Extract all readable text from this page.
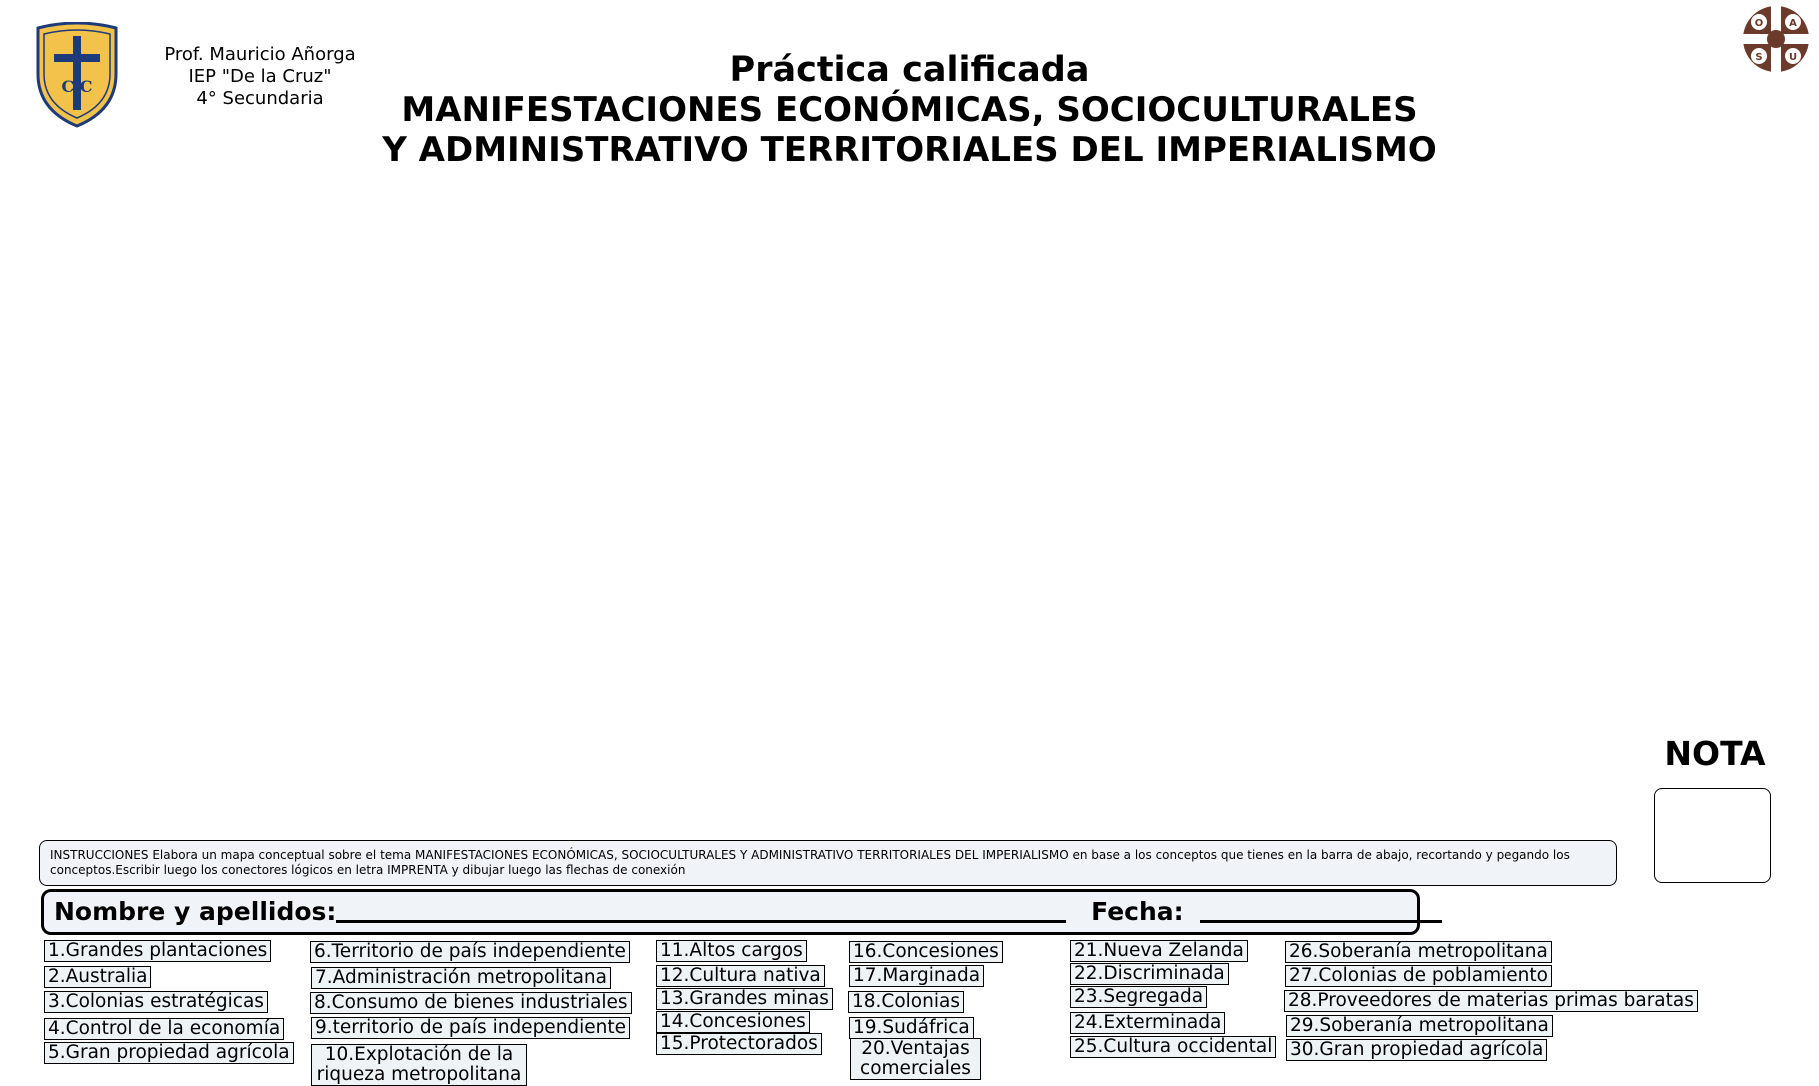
C C
Prof. Mauricio Añorga
IEP "De la Cruz"
4° Secundaria
Práctica calificada
MANIFESTACIONES ECONÓMICAS, SOCIOCULTURALES
Y ADMINISTRATIVO TERRITORIALES DEL IMPERIALISMO
O	A
S	U
NOTA
INSTRUCCIONES Elabora un mapa conceptual sobre el tema MANIFESTACIONES ECONÓMICAS, SOCIOCULTURALES Y ADMINISTRATIVO TERRITORIALES DEL IMPERIALISMO en base a los conceptos que tienes en la barra de abajo, recortando y pegando los conceptos.Escribir luego los conectores lógicos en letra IMPRENTA y dibujar luego las flechas de conexión
Nombre y apellidos:	Fecha:
1.Grandes plantaciones
2.Australia
3.Colonias estratégicas
4.Control de la economía
5.Gran propiedad agrícola
6.Territorio de país independiente
7.Administración metropolitana
8.Consumo de bienes industriales
9.territorio de país independiente
10.Explotación de la riqueza metropolitana
11.Altos cargos
12.Cultura nativa
13.Grandes minas
14.Concesiones
15.Protectorados
16.Concesiones
17.Marginada
18.Colonias
19.Sudáfrica
20.Ventajas comerciales
21.Nueva Zelanda
22.Discriminada
23.Segregada
24.Exterminada
25.Cultura occidental
26.Soberanía metropolitana
27.Colonias de poblamiento
28.Proveedores de materias primas baratas
29.Soberanía metropolitana
30.Gran propiedad agrícola
